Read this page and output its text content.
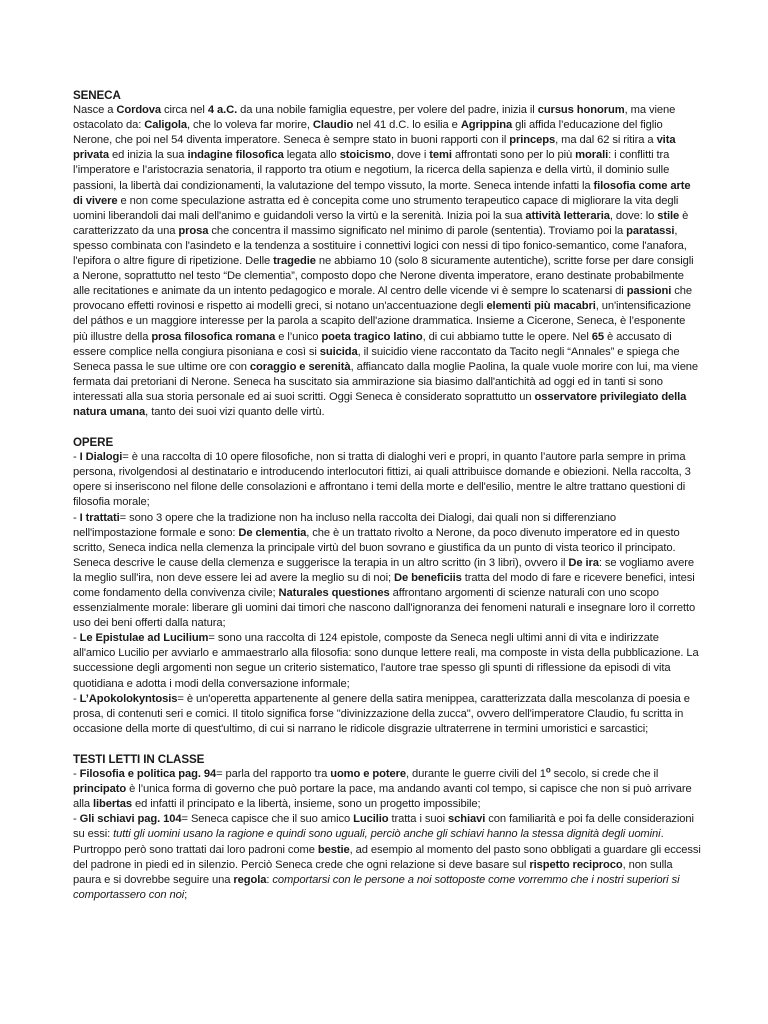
SENECA

Nasce a Cordova circa nel 4 a.C. da una nobile famiglia equestre, per volere del padre, inizia il cursus honorum, ma viene ostacolato da: Caligola, che lo voleva far morire, Claudio nel 41 d.C. lo esilia e Agrippina gli affida l’educazione del figlio Nerone, che poi nel 54 diventa imperatore. Seneca è sempre stato in buoni rapporti con il princeps, ma dal 62 si ritira a vita privata ed inizia la sua indagine filosofica legata allo stoicismo, dove i temi affrontati sono per lo più morali: i conflitti tra l’imperatore e l’aristocrazia senatoria, il rapporto tra otium e negotium, la ricerca della sapienza e della virtù, il dominio sulle passioni, la libertà dai condizionamenti, la valutazione del tempo vissuto, la morte. Seneca intende infatti la filosofia come arte di vivere e non come speculazione astratta ed è concepita come uno strumento terapeutico capace di migliorare la vita degli uomini liberandoli dai mali dell'animo e guidandoli verso la virtù e la serenità. Inizia poi la sua attività letteraria, dove: lo stile è caratterizzato da una prosa che concentra il massimo significato nel minimo di parole (sententia). Troviamo poi la paratassi, spesso combinata con l'asindeto e la tendenza a sostituire i connettivi logici con nessi di tipo fonico-semantico, come l'anafora, l'epifora o altre figure di ripetizione. Delle tragedie ne abbiamo 10 (solo 8 sicuramente autentiche), scritte forse per dare consigli a Nerone, soprattutto nel testo “De clementia”, composto dopo che Nerone diventa imperatore, erano destinate probabilmente alle recitationes e animate da un intento pedagogico e morale. Al centro delle vicende vi è sempre lo scatenarsi di passioni che provocano effetti rovinosi e rispetto ai modelli greci, si notano un'accentuazione degli elementi più macabri, un'intensificazione del páthos e un maggiore interesse per la parola a scapito dell'azione drammatica. Insieme a Cicerone, Seneca, è l’esponente più illustre della prosa filosofica romana e l’unico poeta tragico latino, di cui abbiamo tutte le opere. Nel 65 è accusato di essere complice nella congiura pisoniana e così si suicida, il suicidio viene raccontato da Tacito negli “Annales” e spiega che Seneca passa le sue ultime ore con coraggio e serenità, affiancato dalla moglie Paolina, la quale vuole morire con lui, ma viene fermata dai pretoriani di Nerone. Seneca ha suscitato sia ammirazione sia biasimo dall'antichità ad oggi ed in tanti si sono interessati alla sua storia personale ed ai suoi scritti. Oggi Seneca è considerato soprattutto un osservatore privilegiato della natura umana, tanto dei suoi vizi quanto delle virtù.

OPERE

- I Dialogi= è una raccolta di 10 opere filosofiche, non si tratta di dialoghi veri e propri, in quanto l’autore parla sempre in prima persona, rivolgendosi al destinatario e introducendo interlocutori fittizi, ai quali attribuisce domande e obiezioni. Nella raccolta, 3 opere si inseriscono nel filone delle consolazioni e affrontano i temi della morte e dell'esilio, mentre le altre trattano questioni di filosofia morale;

- I trattati= sono 3 opere che la tradizione non ha incluso nella raccolta dei Dialogi, dai quali non si differenziano nell'impostazione formale e sono: De clementia, che è un trattato rivolto a Nerone, da poco divenuto imperatore ed in questo scritto, Seneca indica nella clemenza la principale virtù del buon sovrano e giustifica da un punto di vista teorico il principato. Seneca descrive le cause della clemenza e suggerisce la terapia in un altro scritto (in 3 libri), ovvero il De ira: se vogliamo avere la meglio sull'ira, non deve essere lei ad avere la meglio su di noi; De beneficiis tratta del modo di fare e ricevere benefici, intesi come fondamento della convivenza civile; Naturales questiones affrontano argomenti di scienze naturali con uno scopo essenzialmente morale: liberare gli uomini dai timori che nascono dall'ignoranza dei fenomeni naturali e insegnare loro il corretto uso dei beni offerti dalla natura;

- Le Epistulae ad Lucilium= sono una raccolta di 124 epistole, composte da Seneca negli ultimi anni di vita e indirizzate all'amico Lucilio per avviarlo e ammaestrarlo alla filosofia: sono dunque lettere reali, ma composte in vista della pubblicazione. La successione degli argomenti non segue un criterio sistematico, l'autore trae spesso gli spunti di riflessione da episodi di vita quotidiana e adotta i modi della conversazione informale;

- L’Apokolokyntosis= è un'operetta appartenente al genere della satira menippea, caratterizzata dalla mescolanza di poesia e prosa, di contenuti seri e comici. Il titolo significa forse "divinizzazione della zucca", ovvero dell'imperatore Claudio, fu scritta in occasione della morte di quest'ultimo, di cui si narrano le ridicole disgrazie ultraterrene in termini umoristici e sarcastici;

TESTI LETTI IN CLASSE

- Filosofia e politica pag. 94= parla del rapporto tra uomo e potere, durante le guerre civili del 1$^o$ secolo, si crede che il principato è l’unica forma di governo che può portare la pace, ma andando avanti col tempo, si capisce che non si può arrivare alla libertas ed infatti il principato e la libertà, insieme, sono un progetto impossibile;

- Gli schiavi pag. 104= Seneca capisce che il suo amico Lucilio tratta i suoi schiavi con familiarità e poi fa delle considerazioni su essi: tutti gli uomini usano la ragione e quindi sono uguali, perciò anche gli schiavi hanno la stessa dignità degli uomini. Purtroppo però sono trattati dai loro padroni come bestie, ad esempio al momento del pasto sono obbligati a guardare gli eccessi del padrone in piedi ed in silenzio. Perciò Seneca crede che ogni relazione si deve basare sul rispetto reciproco, non sulla paura e si dovrebbe seguire una regola: comportarsi con le persone a noi sottoposte come vorremmo che i nostri superiori si comportassero con noi;
